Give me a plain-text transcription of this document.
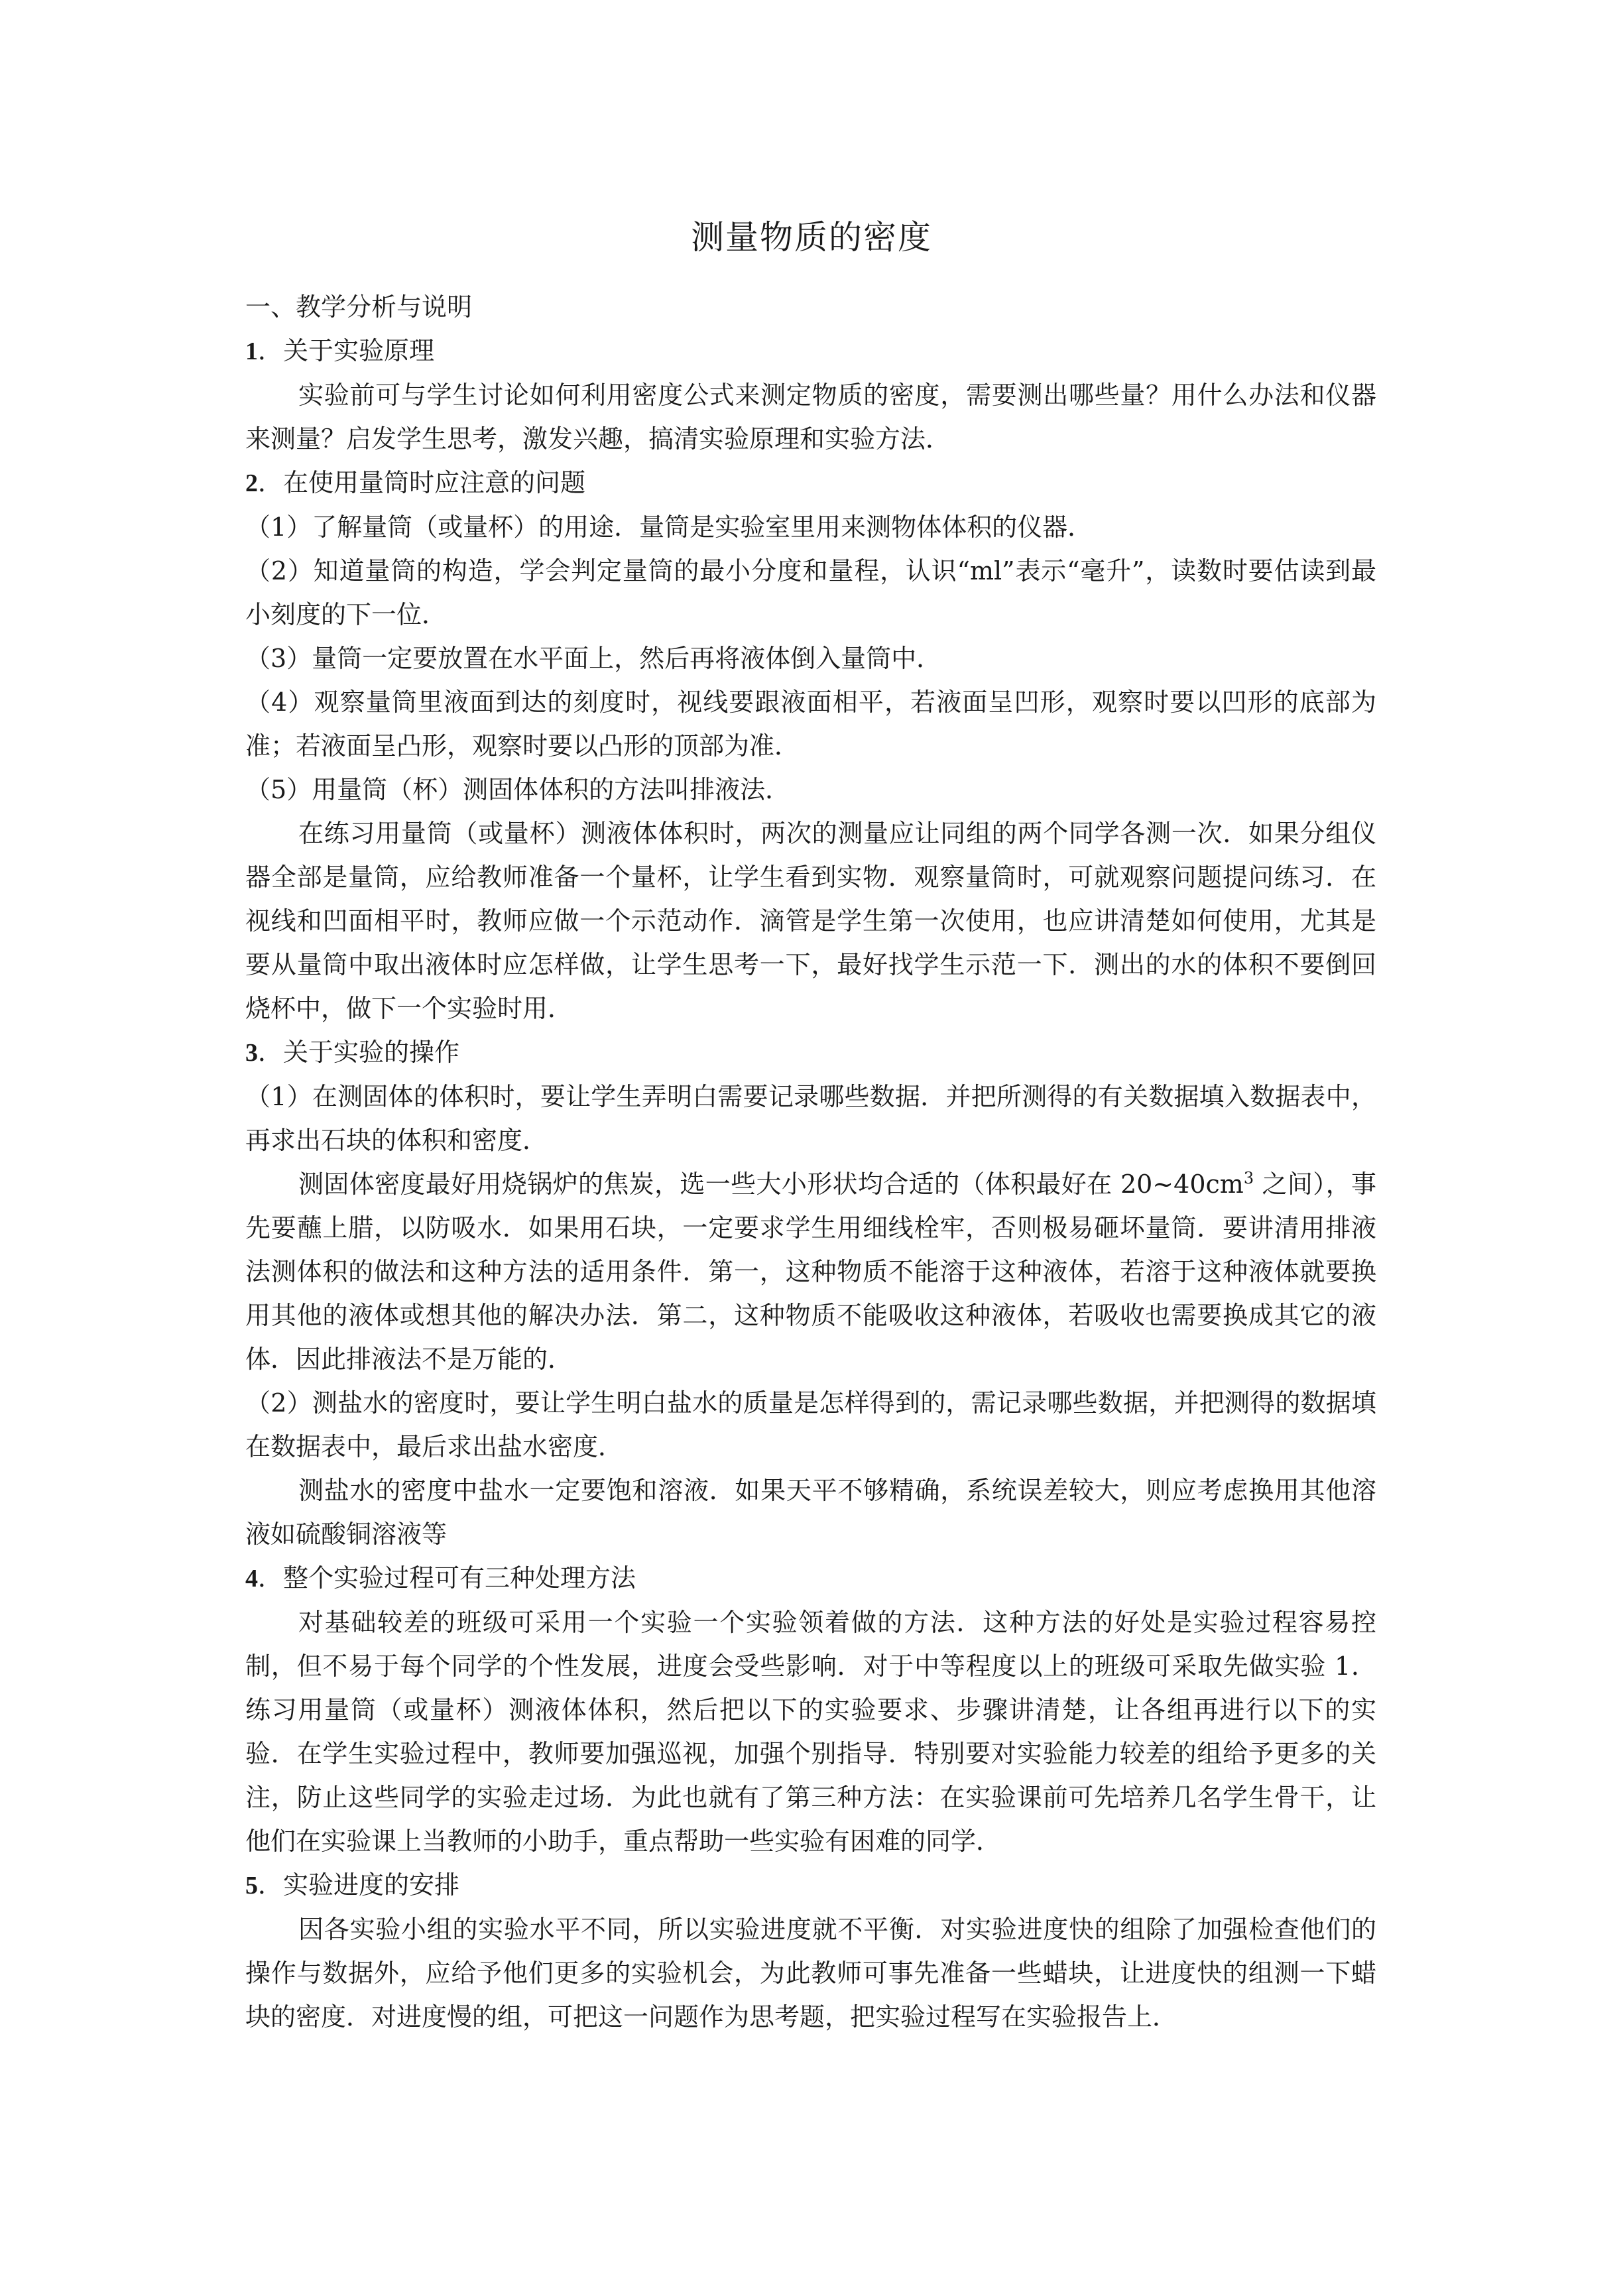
测量物质的密度

一、教学分析与说明

1．关于实验原理

实验前可与学生讨论如何利用密度公式来测定物质的密度，需要测出哪些量？用什么办法和仪器来测量？启发学生思考，激发兴趣，搞清实验原理和实验方法．

2．在使用量筒时应注意的问题

（1）了解量筒（或量杯）的用途．量筒是实验室里用来测物体体积的仪器．

（2）知道量筒的构造，学会判定量筒的最小分度和量程，认识“ml”表示“毫升”，读数时要估读到最小刻度的下一位．

（3）量筒一定要放置在水平面上，然后再将液体倒入量筒中．

（4）观察量筒里液面到达的刻度时，视线要跟液面相平，若液面呈凹形，观察时要以凹形的底部为准；若液面呈凸形，观察时要以凸形的顶部为准．

（5）用量筒（杯）测固体体积的方法叫排液法．

在练习用量筒（或量杯）测液体体积时，两次的测量应让同组的两个同学各测一次．如果分组仪器全部是量筒，应给教师准备一个量杯，让学生看到实物．观察量筒时，可就观察问题提问练习．在视线和凹面相平时，教师应做一个示范动作．滴管是学生第一次使用，也应讲清楚如何使用，尤其是要从量筒中取出液体时应怎样做，让学生思考一下，最好找学生示范一下．测出的水的体积不要倒回烧杯中，做下一个实验时用．

3．关于实验的操作

（1）在测固体的体积时，要让学生弄明白需要记录哪些数据．并把所测得的有关数据填入数据表中，再求出石块的体积和密度．

测固体密度最好用烧锅炉的焦炭，选一些大小形状均合适的（体积最好在 $20\sim 40cm^3$ 之间），事先要蘸上腊，以防吸水．如果用石块，一定要求学生用细线栓牢，否则极易砸坏量筒．要讲清用排液法测体积的做法和这种方法的适用条件．第一，这种物质不能溶于这种液体，若溶于这种液体就要换用其他的液体或想其他的解决办法．第二，这种物质不能吸收这种液体，若吸收也需要换成其它的液体．因此排液法不是万能的．

（2）测盐水的密度时，要让学生明白盐水的质量是怎样得到的，需记录哪些数据，并把测得的数据填在数据表中，最后求出盐水密度．

测盐水的密度中盐水一定要饱和溶液．如果天平不够精确，系统误差较大，则应考虑换用其他溶液如硫酸铜溶液等

4．整个实验过程可有三种处理方法

对基础较差的班级可采用一个实验一个实验领着做的方法．这种方法的好处是实验过程容易控制，但不易于每个同学的个性发展，进度会受些影响．对于中等程度以上的班级可采取先做实验 1．练习用量筒（或量杯）测液体体积，然后把以下的实验要求、步骤讲清楚，让各组再进行以下的实验．在学生实验过程中，教师要加强巡视，加强个别指导．特别要对实验能力较差的组给予更多的关注，防止这些同学的实验走过场．为此也就有了第三种方法：在实验课前可先培养几名学生骨干，让他们在实验课上当教师的小助手，重点帮助一些实验有困难的同学．

5．实验进度的安排

因各实验小组的实验水平不同，所以实验进度就不平衡．对实验进度快的组除了加强检查他们的操作与数据外，应给予他们更多的实验机会，为此教师可事先准备一些蜡块，让进度快的组测一下蜡块的密度．对进度慢的组，可把这一问题作为思考题，把实验过程写在实验报告上．
